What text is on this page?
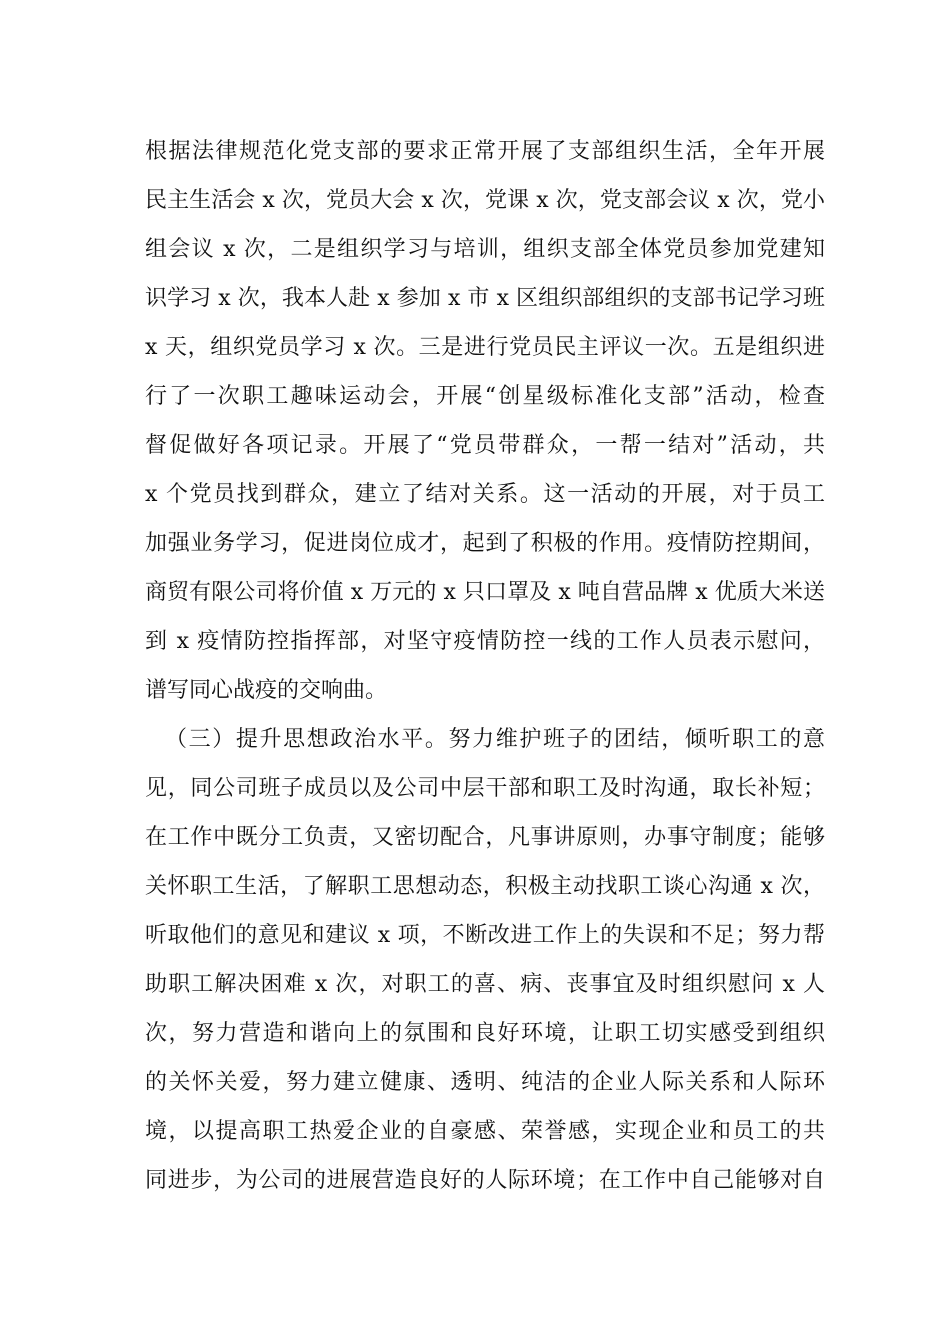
根据法律规范化党支部的要求正常开展了支部组织生活，全年开展
民主生活会 x 次，党员大会 x 次，党课 x 次，党支部会议 x 次，党小
组会议 x 次，二是组织学习与培训，组织支部全体党员参加党建知
识学习 x 次，我本人赴 x 参加 x 市 x 区组织部组织的支部书记学习班
x 天，组织党员学习 x 次。三是进行党员民主评议一次。五是组织进
行了一次职工趣味运动会，开展“创星级标准化支部”活动，检查
督促做好各项记录。开展了“党员带群众，一帮一结对”活动，共
x 个党员找到群众，建立了结对关系。这一活动的开展，对于员工
加强业务学习，促进岗位成才，起到了积极的作用。疫情防控期间，
商贸有限公司将价值 x 万元的 x 只口罩及 x 吨自营品牌 x 优质大米送
到 x 疫情防控指挥部，对坚守疫情防控一线的工作人员表示慰问，
谱写同心战疫的交响曲。
（三）提升思想政治水平。努力维护班子的团结，倾听职工的意
见，同公司班子成员以及公司中层干部和职工及时沟通，取长补短；
在工作中既分工负责，又密切配合，凡事讲原则，办事守制度；能够
关怀职工生活，了解职工思想动态，积极主动找职工谈心沟通 x 次，
听取他们的意见和建议 x 项，不断改进工作上的失误和不足；努力帮
助职工解决困难 x 次，对职工的喜、病、丧事宜及时组织慰问 x 人
次，努力营造和谐向上的氛围和良好环境，让职工切实感受到组织
的关怀关爱，努力建立健康、透明、纯洁的企业人际关系和人际环
境，以提高职工热爱企业的自豪感、荣誉感，实现企业和员工的共
同进步，为公司的进展营造良好的人际环境；在工作中自己能够对自
